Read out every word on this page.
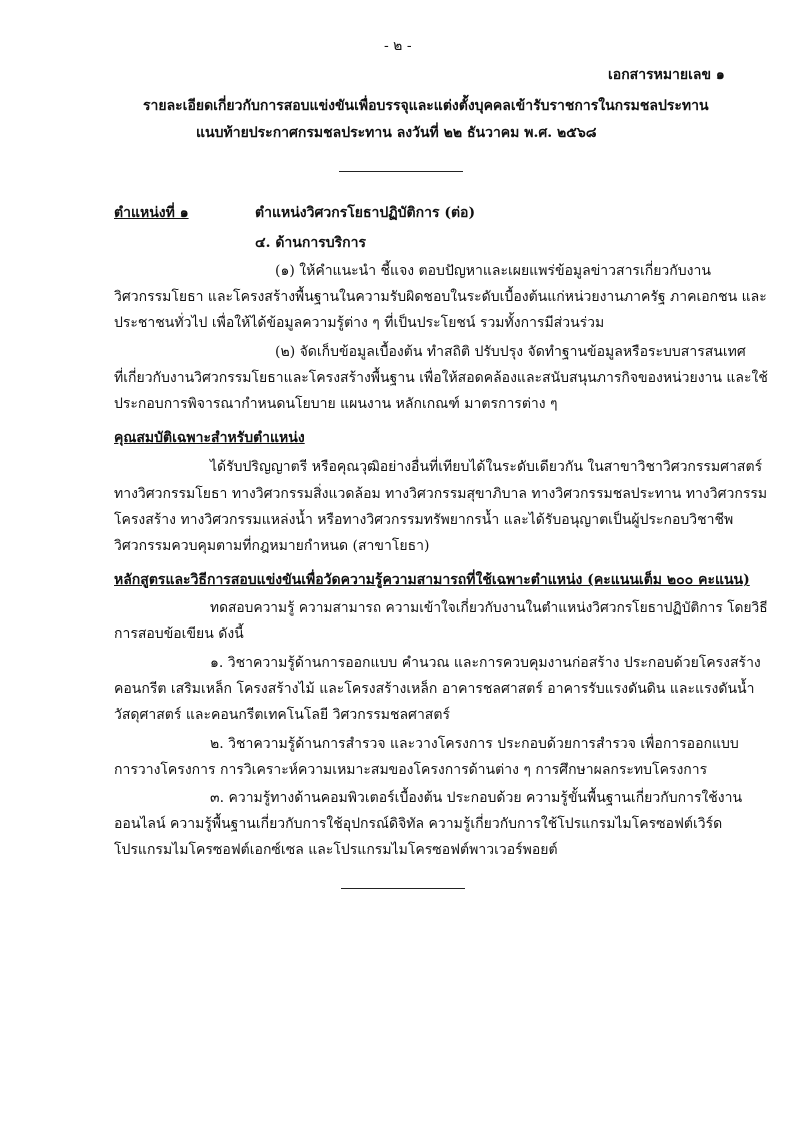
- ๒ -
เอกสารหมายเลข ๑
รายละเอียดเกี่ยวกับการสอบแข่งขันเพื่อบรรจุและแต่งตั้งบุคคลเข้ารับราชการในกรมชลประทาน
แนบท้ายประกาศกรมชลประทาน ลงวันที่ ๒๒ ธันวาคม พ.ศ. ๒๕๖๘
ตำแหน่งที่ ๑	ตำแหน่งวิศวกรโยธาปฏิบัติการ (ต่อ)
๔. ด้านการบริการ
(๑) ให้คำแนะนำ ชี้แจง ตอบปัญหาและเผยแพร่ข้อมูลข่าวสารเกี่ยวกับงาน
วิศวกรรมโยธา และโครงสร้างพื้นฐานในความรับผิดชอบในระดับเบื้องต้นแก่หน่วยงานภาครัฐ ภาคเอกชน และ
ประชาชนทั่วไป เพื่อให้ได้ข้อมูลความรู้ต่าง ๆ ที่เป็นประโยชน์ รวมทั้งการมีส่วนร่วม
(๒) จัดเก็บข้อมูลเบื้องต้น ทำสถิติ ปรับปรุง จัดทำฐานข้อมูลหรือระบบสารสนเทศ
ที่เกี่ยวกับงานวิศวกรรมโยธาและโครงสร้างพื้นฐาน เพื่อให้สอดคล้องและสนับสนุนภารกิจของหน่วยงาน และใช้
ประกอบการพิจารณากำหนดนโยบาย แผนงาน หลักเกณฑ์ มาตรการต่าง ๆ
คุณสมบัติเฉพาะสำหรับตำแหน่ง
ได้รับปริญญาตรี หรือคุณวุฒิอย่างอื่นที่เทียบได้ในระดับเดียวกัน ในสาขาวิชาวิศวกรรมศาสตร์
ทางวิศวกรรมโยธา ทางวิศวกรรมสิ่งแวดล้อม ทางวิศวกรรมสุขาภิบาล ทางวิศวกรรมชลประทาน ทางวิศวกรรม
โครงสร้าง ทางวิศวกรรมแหล่งน้ำ หรือทางวิศวกรรมทรัพยากรน้ำ และได้รับอนุญาตเป็นผู้ประกอบวิชาชีพ
วิศวกรรมควบคุมตามที่กฎหมายกำหนด (สาขาโยธา)
หลักสูตรและวิธีการสอบแข่งขันเพื่อวัดความรู้ความสามารถที่ใช้เฉพาะตำแหน่ง (คะแนนเต็ม ๒๐๐ คะแนน)
ทดสอบความรู้ ความสามารถ ความเข้าใจเกี่ยวกับงานในตำแหน่งวิศวกรโยธาปฏิบัติการ โดยวิธี
การสอบข้อเขียน ดังนี้
๑. วิชาความรู้ด้านการออกแบบ คำนวณ และการควบคุมงานก่อสร้าง ประกอบด้วยโครงสร้าง
คอนกรีต เสริมเหล็ก โครงสร้างไม้ และโครงสร้างเหล็ก อาคารชลศาสตร์ อาคารรับแรงดันดิน และแรงดันน้ำ
วัสดุศาสตร์ และคอนกรีตเทคโนโลยี วิศวกรรมชลศาสตร์
๒. วิชาความรู้ด้านการสำรวจ และวางโครงการ ประกอบด้วยการสำรวจ เพื่อการออกแบบ
การวางโครงการ การวิเคราะห์ความเหมาะสมของโครงการด้านต่าง ๆ การศึกษาผลกระทบโครงการ
๓. ความรู้ทางด้านคอมพิวเตอร์เบื้องต้น ประกอบด้วย ความรู้ขั้นพื้นฐานเกี่ยวกับการใช้งาน
ออนไลน์ ความรู้พื้นฐานเกี่ยวกับการใช้อุปกรณ์ดิจิทัล ความรู้เกี่ยวกับการใช้โปรแกรมไมโครซอฟต์เวิร์ด
โปรแกรมไมโครซอฟต์เอกซ์เซล และโปรแกรมไมโครซอฟต์พาวเวอร์พอยต์
